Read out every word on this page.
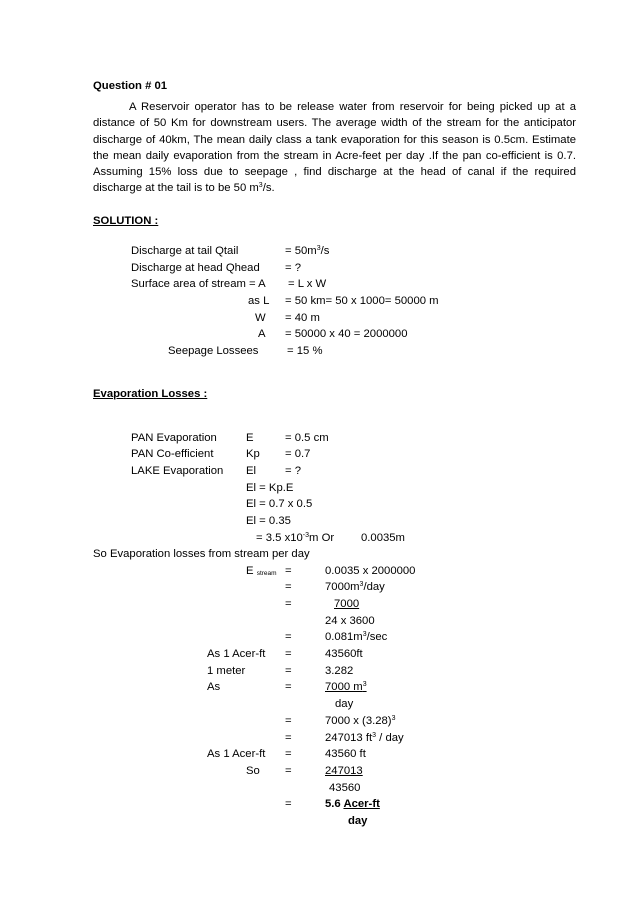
Question # 01
A Reservoir operator has to be release water from reservoir for being picked up at a distance of 50 Km for downstream users. The average width of the stream for the anticipator discharge of 40km, The mean daily class a tank evaporation for this season is 0.5cm. Estimate the mean daily evaporation from the stream in Acre-feet per day .If the pan co-efficient is 0.7. Assuming 15% loss due to seepage , find discharge at the head of canal if the required discharge at the tail is to be 50 $m^3/s$.
SOLUTION :
Discharge at tail Qtail	= $50m^3/s$
Discharge at head Qhead = ?
Surface area of stream = A = L x W
as L = 50 km= 50 x 1000= 50000 m
W = 40 m
A = 50000 x 40 = 2000000
Seepage Lossees	= 15 %
Evaporation Losses :
PAN Evaporation	E	= 0.5 cm
PAN Co-efficient	Kp = 0.7
LAKE Evaporation El	= ?
El = Kp.E
El = 0.7 x 0.5
El = 0.35
= 3.5 $x10^{-3}m$ Or 0.0035m
So Evaporation losses from stream per day
E $_{stream}$ =	0.0035 x 2000000
=	$7000m^3$/day
=	7000
24 x 3600
=	$0.081m^3/\sec$
As 1 Acer-ft =	43560ft
1 meter	=	3.282
As	=	7000 $m^3$
day
=	7000 x $(3.28)^3$
=	247013 $ft^3$ / day
As 1 Acer-ft =	43560 ft
So =	247013
43560
=	5.6 Acer-ft
day
